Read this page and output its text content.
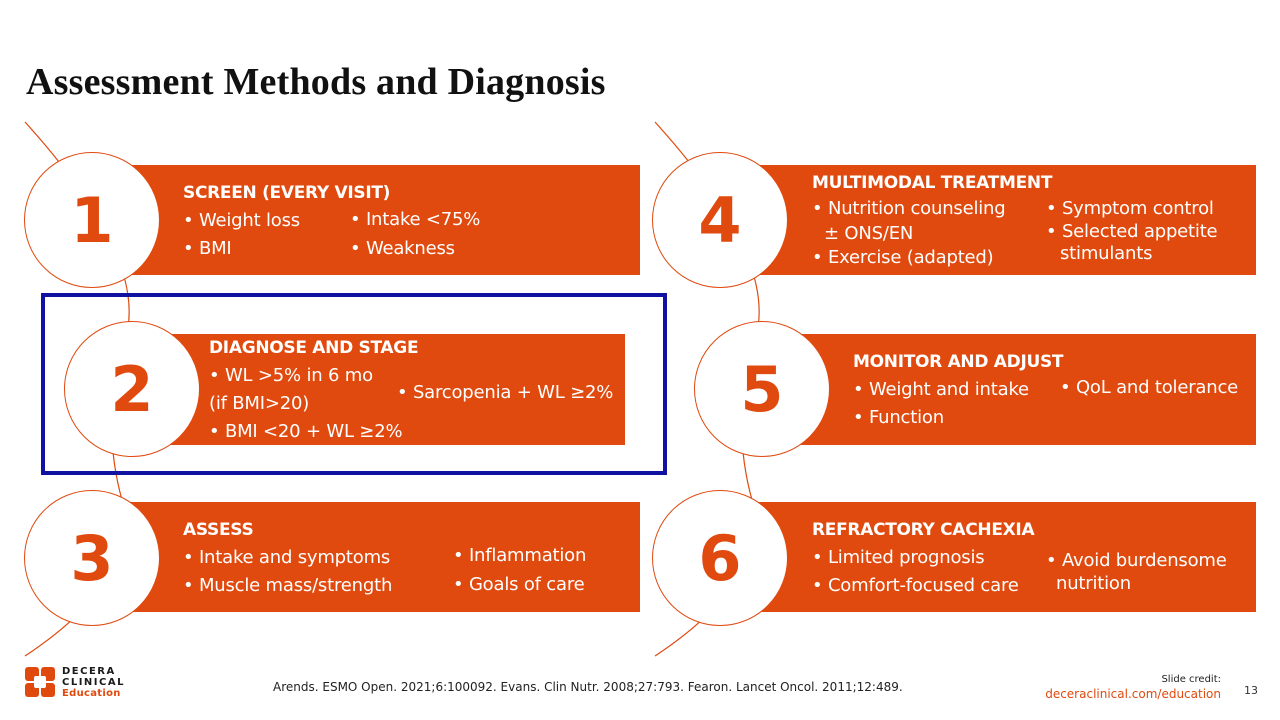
Assessment Methods and Diagnosis
1	SCREEN (EVERY VISIT)
• Weight loss
• BMI
• Intake <75%
• Weakness
2
DIAGNOSE AND STAGE
• WL >5% in 6 mo
(if BMI>20)
• BMI <20 + WL ≥2%
• Sarcopenia + WL ≥2%
3	ASSESS
• Intake and symptoms
• Muscle mass/strength
• Inflammation
• Goals of care
4
MULTIMODAL TREATMENT
• Nutrition counseling
± ONS/EN
• Exercise (adapted)
• Symptom control
• Selected appetite
stimulants
5	MONITOR AND ADJUST
• Weight and intake
• Function
• QoL and tolerance
6	REFRACTORY CACHEXIA
• Limited prognosis
• Comfort-focused care
• Avoid burdensome
nutrition
DECERA
CLINICAL
Education	Arends. ESMO Open. 2021;6:100092. Evans. Clin Nutr. 2008;27:793. Fearon. Lancet Oncol. 2011;12:489.
Slide credit:
deceraclinical.com/education 13
